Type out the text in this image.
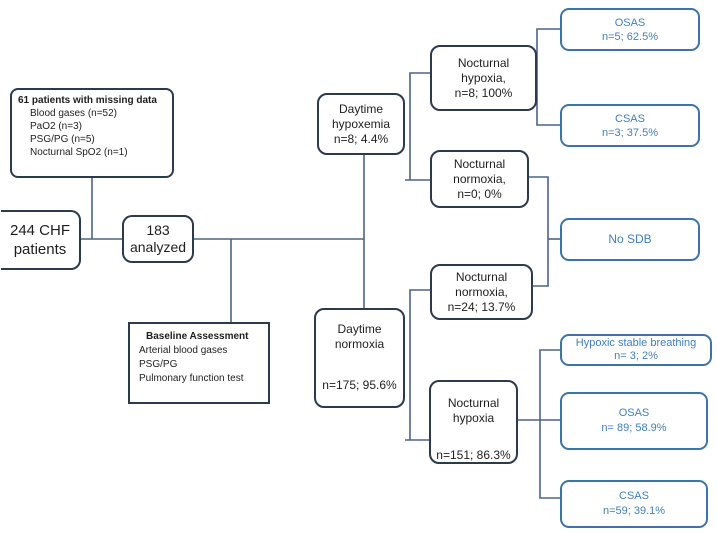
61 patients with missing data
Blood gases (n=52)
PaO2 (n=3)
PSG/PG (n=5)
Nocturnal SpO2 (n=1)
244 CHF
patients
183
analyzed
Baseline Assessment
Arterial blood gases
PSG/PG
Pulmonary function test
Daytime
hypoxemia
n=8; 4.4%
Daytime
normoxia
n=175; 95.6%
Nocturnal
hypoxia,
n=8; 100%
Nocturnal
normoxia,
n=0; 0%
Nocturnal
normoxia,
n=24; 13.7%
Nocturnal
hypoxia
n=151; 86.3%
OSAS
n=5; 62.5%
CSAS
n=3; 37.5%
No SDB
Hypoxic stable breathing
n= 3; 2%
OSAS
n= 89; 58.9%
CSAS
n=59; 39.1%
